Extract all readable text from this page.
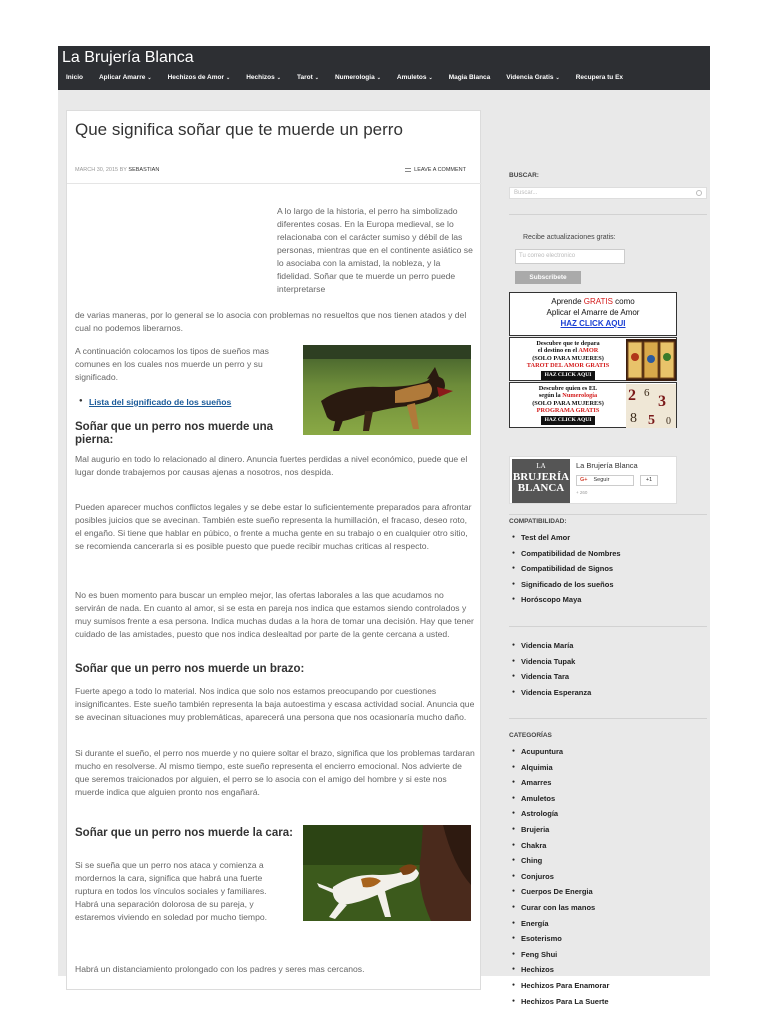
La Brujería Blanca
Inicio	Aplicar Amarre ⌄	Hechizos de Amor ⌄	Hechizos ⌄	Tarot ⌄	Numerologia ⌄	Amuletos ⌄	Magia Blanca	Videncia Gratis ⌄	Recupera tu Ex
Que significa soñar que te muerde un perro
MARCH 30, 2015 BY SEBASTIAN	LEAVE A COMMENT
A lo largo de la historia, el perro ha simbolizado diferentes cosas. En la Europa medieval, se lo relacionaba con el carácter sumiso y débil de las personas, mientras que en el continente asiático se lo asociaba con la amistad, la nobleza, y la fidelidad. Soñar que te muerde un perro puede interpretarse
de varias maneras, por lo general se lo asocia con problemas no resueltos que nos tienen atados y del cual no podemos liberarnos.
A continuación colocamos los tipos de sueños mas comunes en los cuales nos muerde un perro y su significado.
● Lista del significado de los sueños
Soñar que un perro nos muerde una pierna:
Mal augurio en todo lo relacionado al dinero. Anuncia fuertes perdidas a nivel económico, puede que el lugar donde trabajemos por causas ajenas a nosotros, nos despida.
Pueden aparecer muchos conflictos legales y se debe estar lo suficientemente preparados para afrontar posibles juicios que se avecinan. También este sueño representa la humillación, el fracaso, deseo roto, el engaño. Si tiene que hablar en púbico, o frente a mucha gente en su trabajo o en cualquier otro sitio, se recomienda cancerarla si es posible puesto que puede recibir muchas criticas al respecto.
No es buen momento para buscar un empleo mejor, las ofertas laborales a las que acudamos no servirán de nada. En cuanto al amor, si se esta en pareja nos indica que estamos siendo controlados y muy sumisos frente a esa persona. Indica muchas dudas a la hora de tomar una decisión. Hay que tener cuidado de las amistades, puesto que nos indica deslealtad por parte de la gente cercana a usted.
Soñar que un perro nos muerde un brazo:
Fuerte apego a todo lo material. Nos indica que solo nos estamos preocupando por cuestiones insignificantes. Este sueño también representa la baja autoestima y escasa actividad social. Anuncia que se avecinan situaciones muy problemáticas, aparecerá una persona que nos ocasionaría mucho daño.
Si durante el sueño, el perro nos muerde y no quiere soltar el brazo, significa que los problemas tardaran mucho en resolverse. Al mismo tiempo, este sueño representa el encierro emocional. Nos advierte de que seremos traicionados por alguien, el perro se lo asocia con el amigo del hombre y si este nos muerde indica que alguien pronto nos engañará.
Soñar que un perro nos muerde la cara:
Si se sueña que un perro nos ataca y comienza a mordernos la cara, significa que habrá una fuerte ruptura en todos los vínculos sociales y familiares. Habrá una separación dolorosa de su pareja, y estaremos viviendo en soledad por mucho tiempo.
Habrá un distanciamiento prolongado con los padres y seres mas cercanos.
BUSCAR:
Buscar...
Recibe actualizaciones gratis:
Tu correo electronico
Subscribete
Aprende GRATIS como
Aplicar el Amarre de Amor
HAZ CLICK AQUI
Descubre que te depara
el destino en el AMOR
(SOLO PARA MUJERES)
TAROT DEL AMOR GRATIS
HAZ CLICK AQUI
Descubre quien es EL
según la Numerología
(SOLO PARA MUJERES)
PROGRAMA GRATIS
HAZ CLICK AQUI
2 6 3
8 5 0
LA
BRUJERÍA
BLANCA
La Brujería Blanca
G+ Seguir	+1
+ 260
COMPATIBILIDAD:
● Test del Amor
● Compatibilidad de Nombres
● Compatibilidad de Signos
● Significado de los sueños
● Horóscopo Maya
● Videncia María
● Videncia Tupak
● Videncia Tara
● Videncia Esperanza
CATEGORÍAS
● Acupuntura
● Alquimia
● Amarres
● Amuletos
● Astrología
● Brujeria
● Chakra
● Ching
● Conjuros
● Cuerpos De Energia
● Curar con las manos
● Energía
● Esoterismo
● Feng Shui
● Hechizos
● Hechizos Para Enamorar
● Hechizos Para La Suerte
